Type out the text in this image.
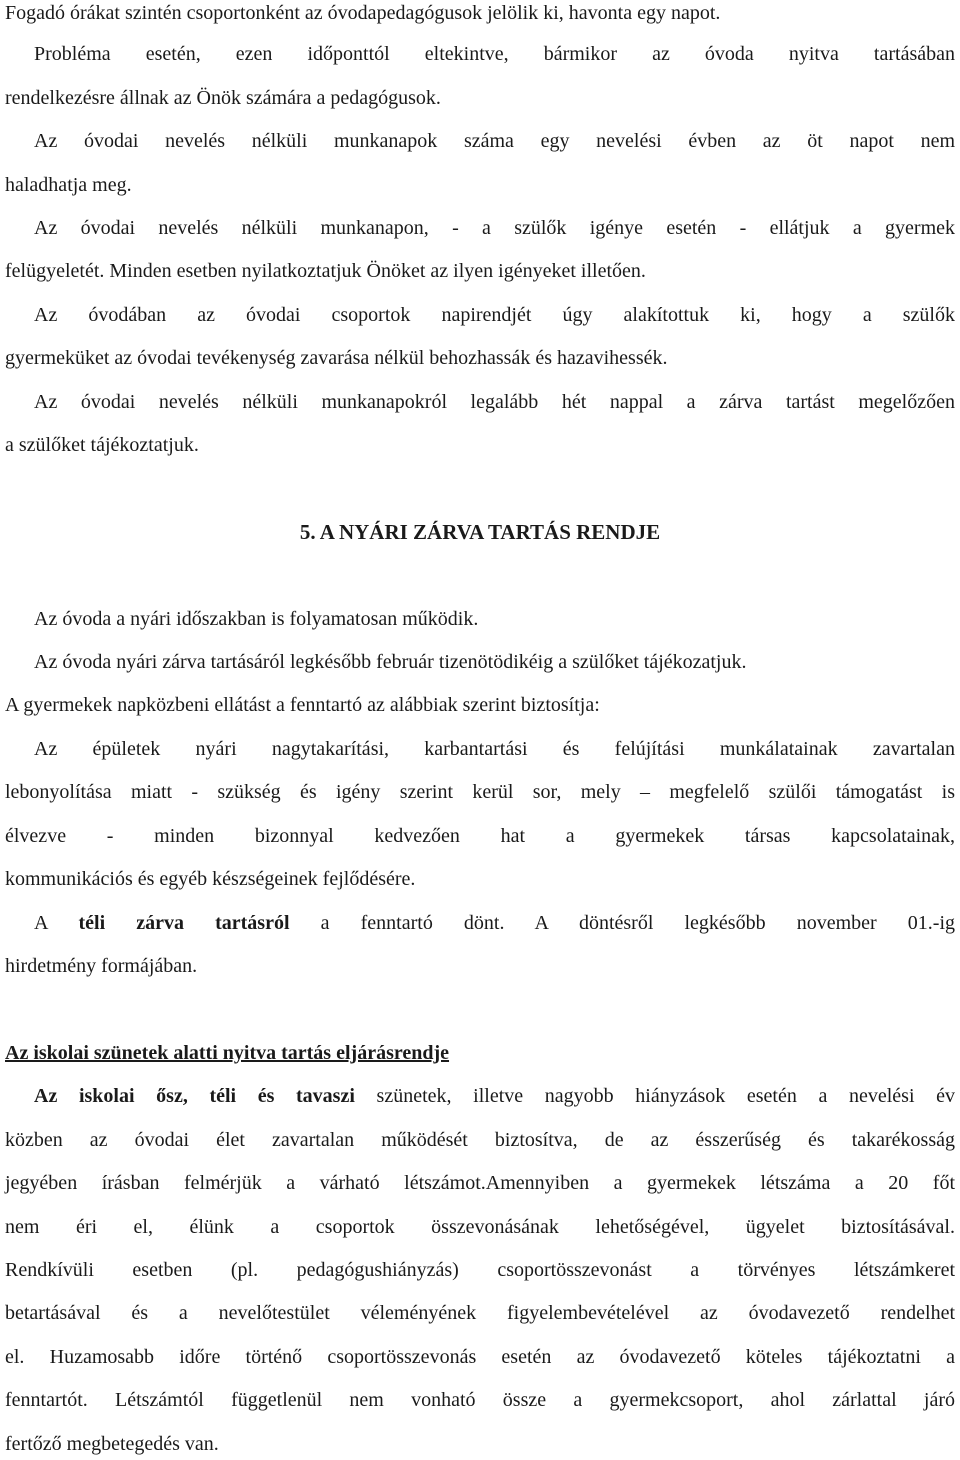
Fogadó órákat szintén csoportonként az óvodapedagógusok jelölik ki, havonta egy napot.
Probléma esetén, ezen időponttól eltekintve, bármikor az óvoda nyitva tartásában
rendelkezésre állnak az Önök számára a pedagógusok.
Az óvodai nevelés nélküli munkanapok száma egy nevelési évben az öt napot nem
haladhatja meg.
Az óvodai nevelés nélküli munkanapon, - a szülők igénye esetén - ellátjuk a gyermek
felügyeletét. Minden esetben nyilatkoztatjuk Önöket az ilyen igényeket illetően.
Az óvodában az óvodai csoportok napirendjét úgy alakítottuk ki, hogy a szülők
gyermeküket az óvodai tevékenység zavarása nélkül behozhassák és hazavihessék.
Az óvodai nevelés nélküli munkanapokról legalább hét nappal a zárva tartást megelőzően
a szülőket tájékoztatjuk.
5. A NYÁRI ZÁRVA TARTÁS RENDJE
Az óvoda a nyári időszakban is folyamatosan működik.
Az óvoda nyári zárva tartásáról legkésőbb február tizenötödikéig a szülőket tájékozatjuk.
A gyermekek napközbeni ellátást a fenntartó az alábbiak szerint biztosítja:
Az épületek nyári nagytakarítási, karbantartási és felújítási munkálatainak zavartalan
lebonyolítása miatt - szükség és igény szerint kerül sor, mely – megfelelő szülői támogatást is
élvezve - minden bizonnyal kedvezően hat a gyermekek társas kapcsolatainak,
kommunikációs és egyéb készségeinek fejlődésére.
A téli zárva tartásról a fenntartó dönt. A döntésről legkésőbb november 01.-ig
hirdetmény formájában.
Az iskolai szünetek alatti nyitva tartás eljárásrendje
Az iskolai ősz, téli és tavaszi szünetek, illetve nagyobb hiányzások esetén a nevelési év
közben az óvodai élet zavartalan működését biztosítva, de az ésszerűség és takarékosság
jegyében írásban felmérjük a várható létszámot.Amennyiben a gyermekek létszáma a 20 főt
nem éri el, élünk a csoportok összevonásának lehetőségével, ügyelet biztosításával.
Rendkívüli esetben (pl. pedagógushiányzás) csoportösszevonást a törvényes létszámkeret
betartásával és a nevelőtestület véleményének figyelembevételével az óvodavezető rendelhet
el. Huzamosabb időre történő csoportösszevonás esetén az óvodavezető köteles tájékoztatni a
fenntartót. Létszámtól függetlenül nem vonható össze a gyermekcsoport, ahol zárlattal járó
fertőző megbetegedés van.
